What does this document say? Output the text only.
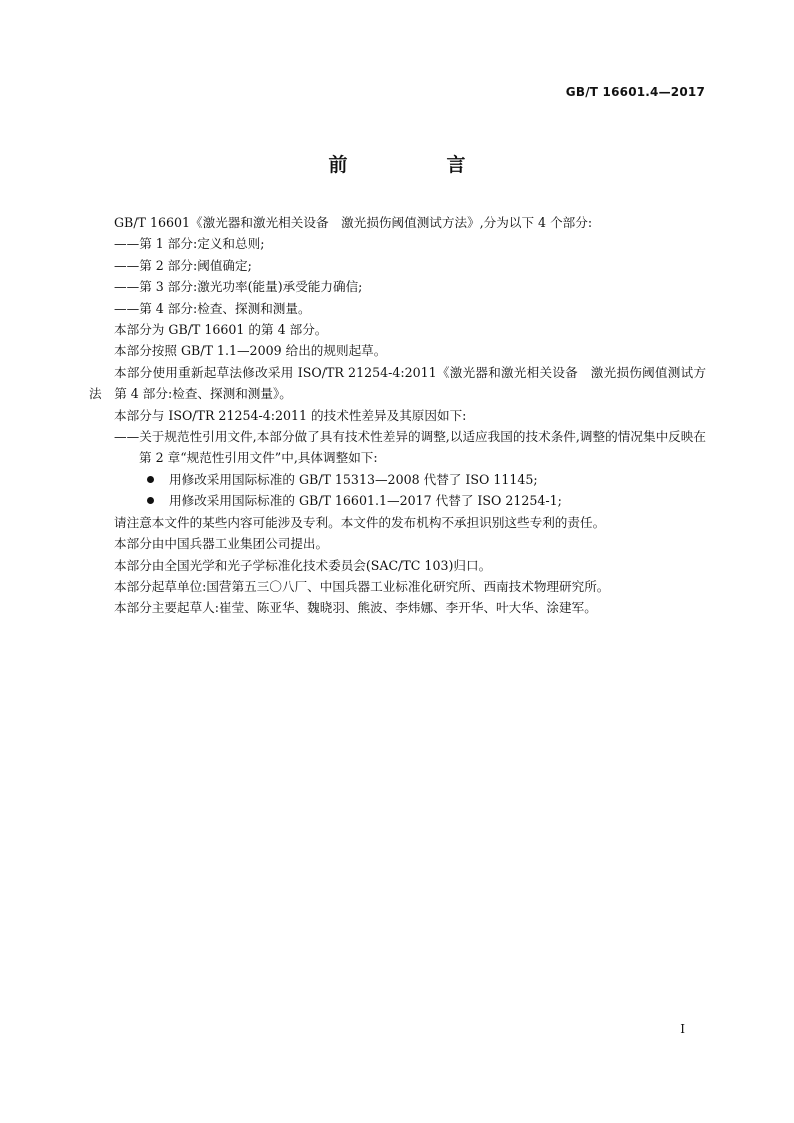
GB/T 16601.4—2017
前　言

GB/T 16601《激光器和激光相关设备　激光损伤阈值测试方法》,分为以下 4 个部分:

——第 1 部分:定义和总则;

——第 2 部分:阈值确定;

——第 3 部分:激光功率(能量)承受能力确信;

——第 4 部分:检查、探测和测量。

本部分为 GB/T 16601 的第 4 部分。

本部分按照 GB/T 1.1—2009 给出的规则起草。

本部分使用重新起草法修改采用 ISO/TR 21254-4:2011《激光器和激光相关设备　激光损伤阈值测试方法　第 4 部分:检查、探测和测量》。

本部分与 ISO/TR 21254-4:2011 的技术性差异及其原因如下:

——关于规范性引用文件,本部分做了具有技术性差异的调整,以适应我国的技术条件,调整的情况集中反映在第 2 章“规范性引用文件”中,具体调整如下:

用修改采用国际标准的 GB/T 15313—2008 代替了 ISO 11145;

用修改采用国际标准的 GB/T 16601.1—2017 代替了 ISO 21254-1;

请注意本文件的某些内容可能涉及专利。本文件的发布机构不承担识别这些专利的责任。

本部分由中国兵器工业集团公司提出。

本部分由全国光学和光子学标准化技术委员会(SAC/TC 103)归口。

本部分起草单位:国营第五三〇八厂、中国兵器工业标准化研究所、西南技术物理研究所。

本部分主要起草人:崔莹、陈亚华、魏晓羽、熊波、李炜娜、李开华、叶大华、涂建军。

I
